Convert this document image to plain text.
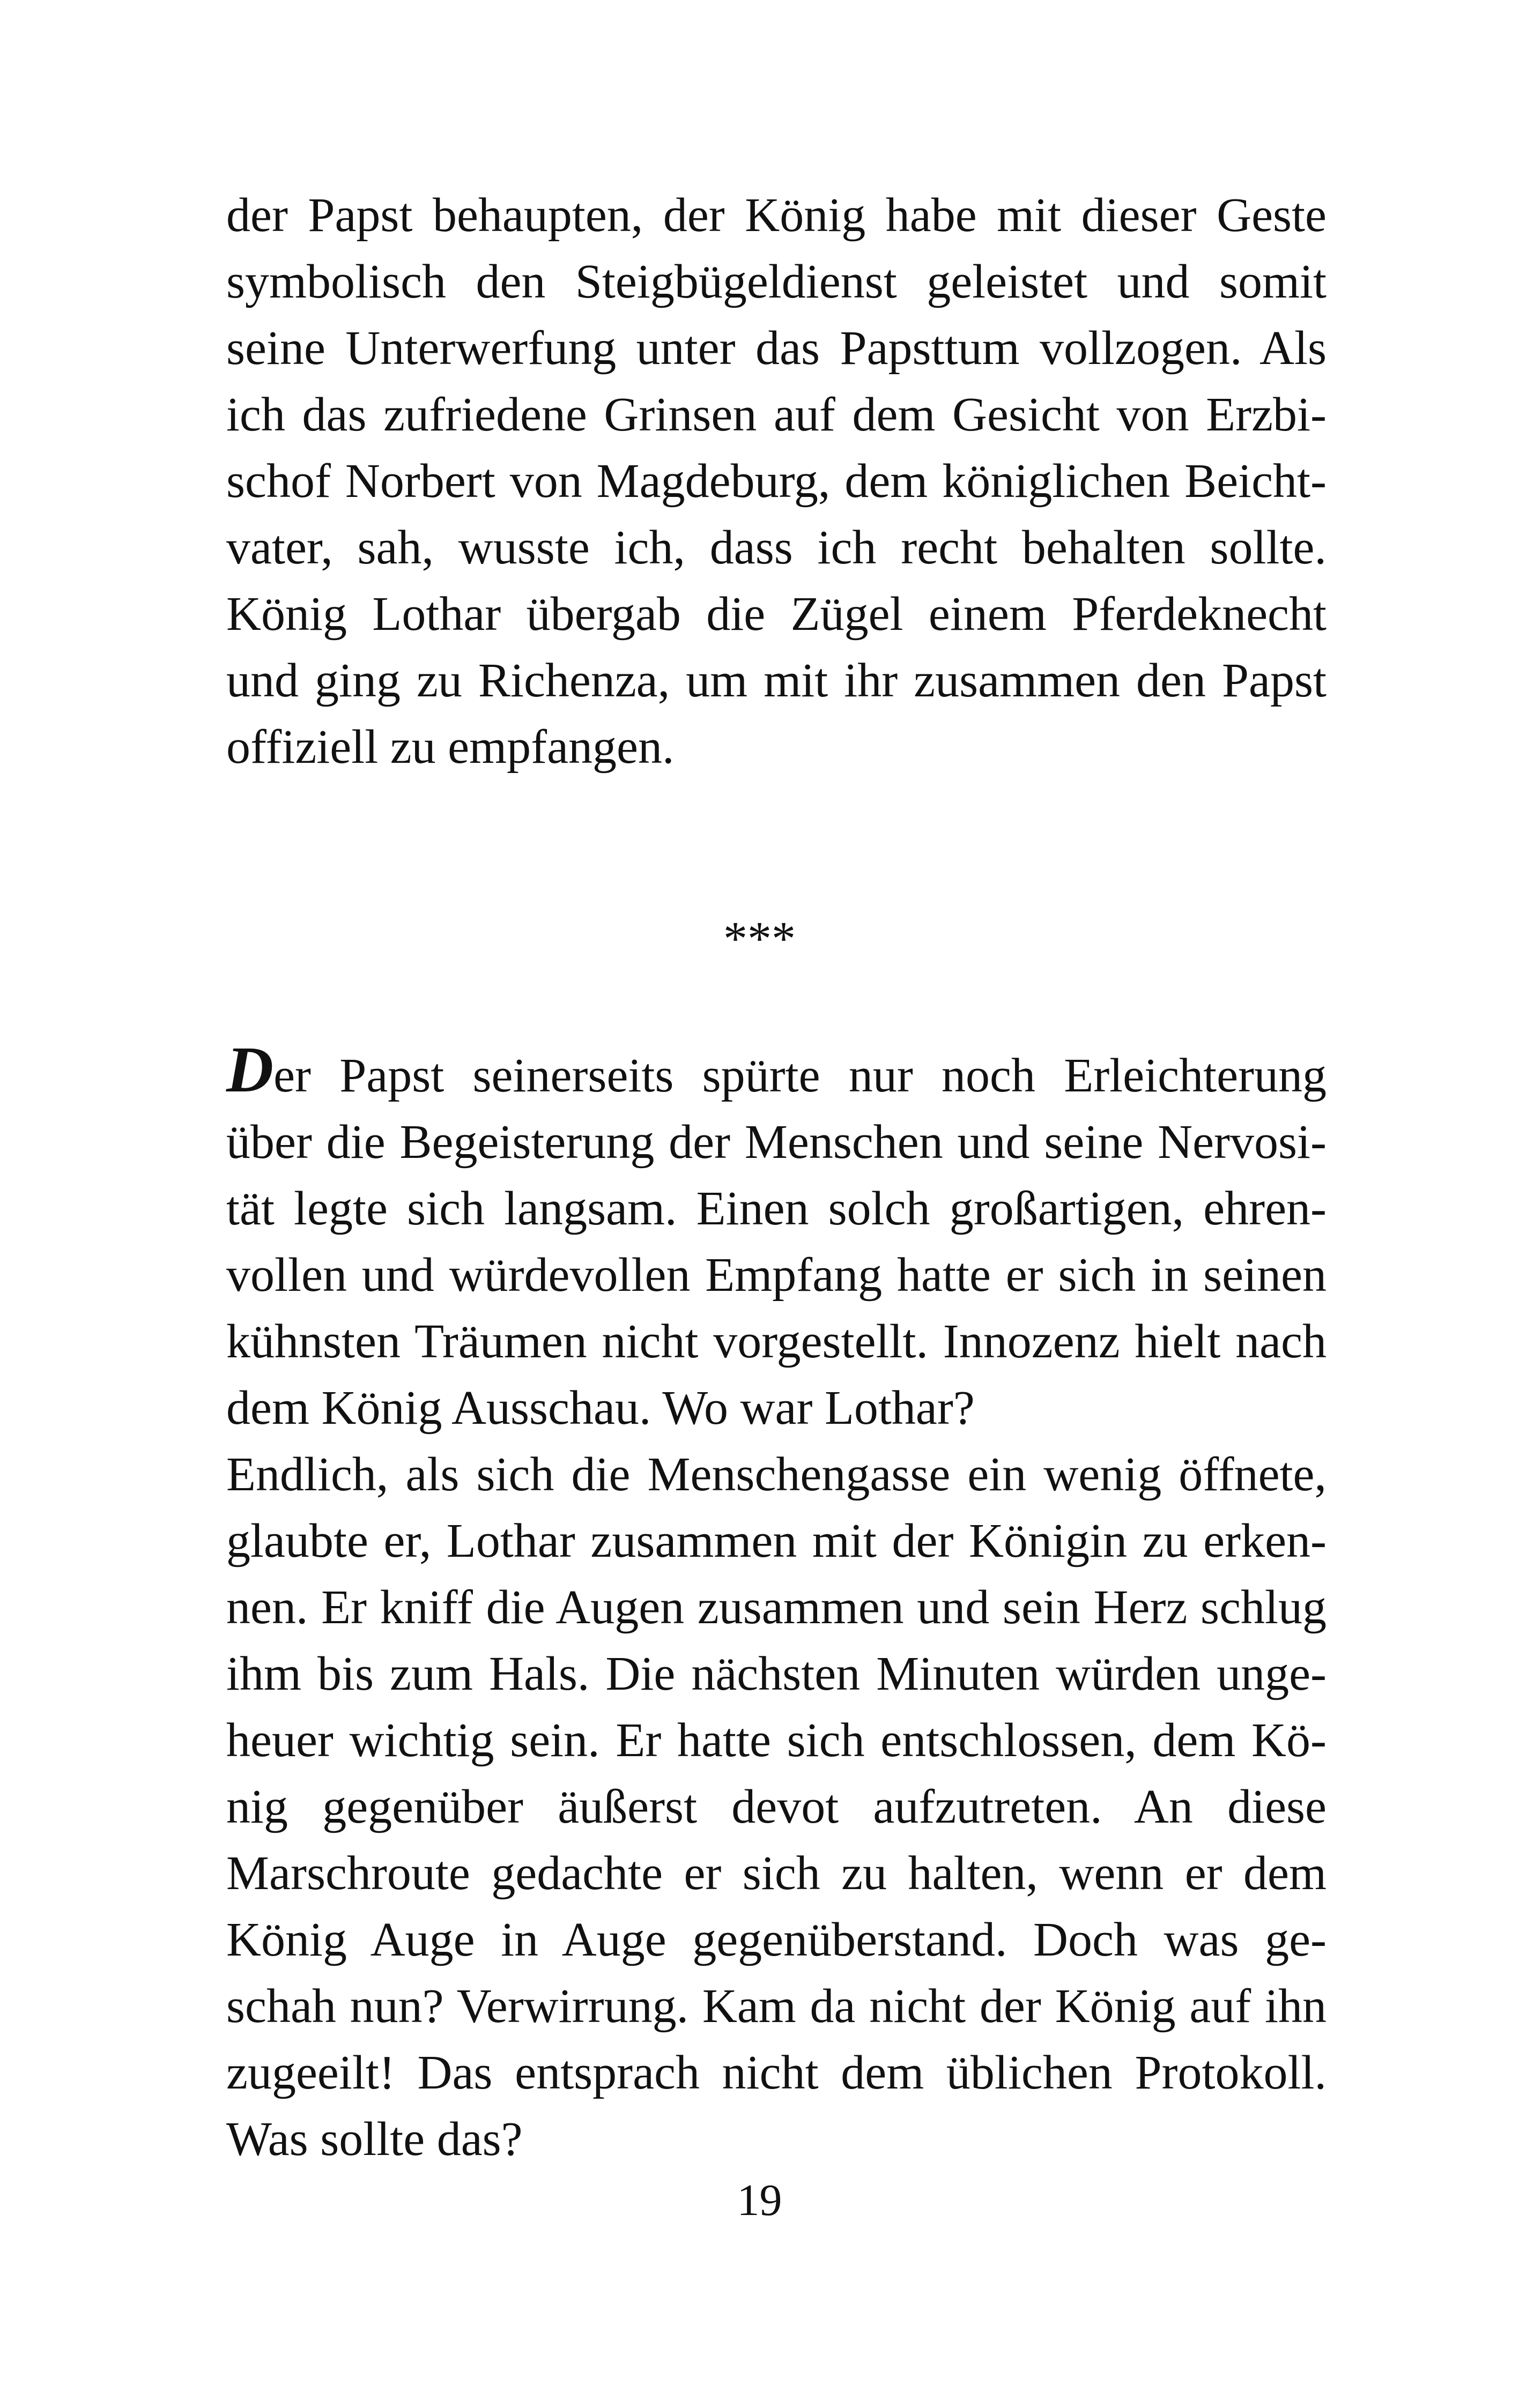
der Papst behaupten, der König habe mit dieser Geste
symbolisch den Steigbügeldienst geleistet und somit
seine Unterwerfung unter das Papsttum vollzogen. Als
ich das zufriedene Grinsen auf dem Gesicht von Erzbi-
schof Norbert von Magdeburg, dem königlichen Beicht-
vater, sah, wusste ich, dass ich recht behalten sollte.
König Lothar übergab die Zügel einem Pferdeknecht
und ging zu Richenza, um mit ihr zusammen den Papst
offiziell zu empfangen.
***
Der Papst seinerseits spürte nur noch Erleichterung
über die Begeisterung der Menschen und seine Nervosi-
tät legte sich langsam. Einen solch großartigen, ehren-
vollen und würdevollen Empfang hatte er sich in seinen
kühnsten Träumen nicht vorgestellt. Innozenz hielt nach
dem König Ausschau. Wo war Lothar?
Endlich, als sich die Menschengasse ein wenig öffnete,
glaubte er, Lothar zusammen mit der Königin zu erken-
nen. Er kniff die Augen zusammen und sein Herz schlug
ihm bis zum Hals. Die nächsten Minuten würden unge-
heuer wichtig sein. Er hatte sich entschlossen, dem Kö-
nig gegenüber äußerst devot aufzutreten. An diese
Marschroute gedachte er sich zu halten, wenn er dem
König Auge in Auge gegenüberstand. Doch was ge-
schah nun? Verwirrung. Kam da nicht der König auf ihn
zugeeilt! Das entsprach nicht dem üblichen Protokoll.
Was sollte das?
19
